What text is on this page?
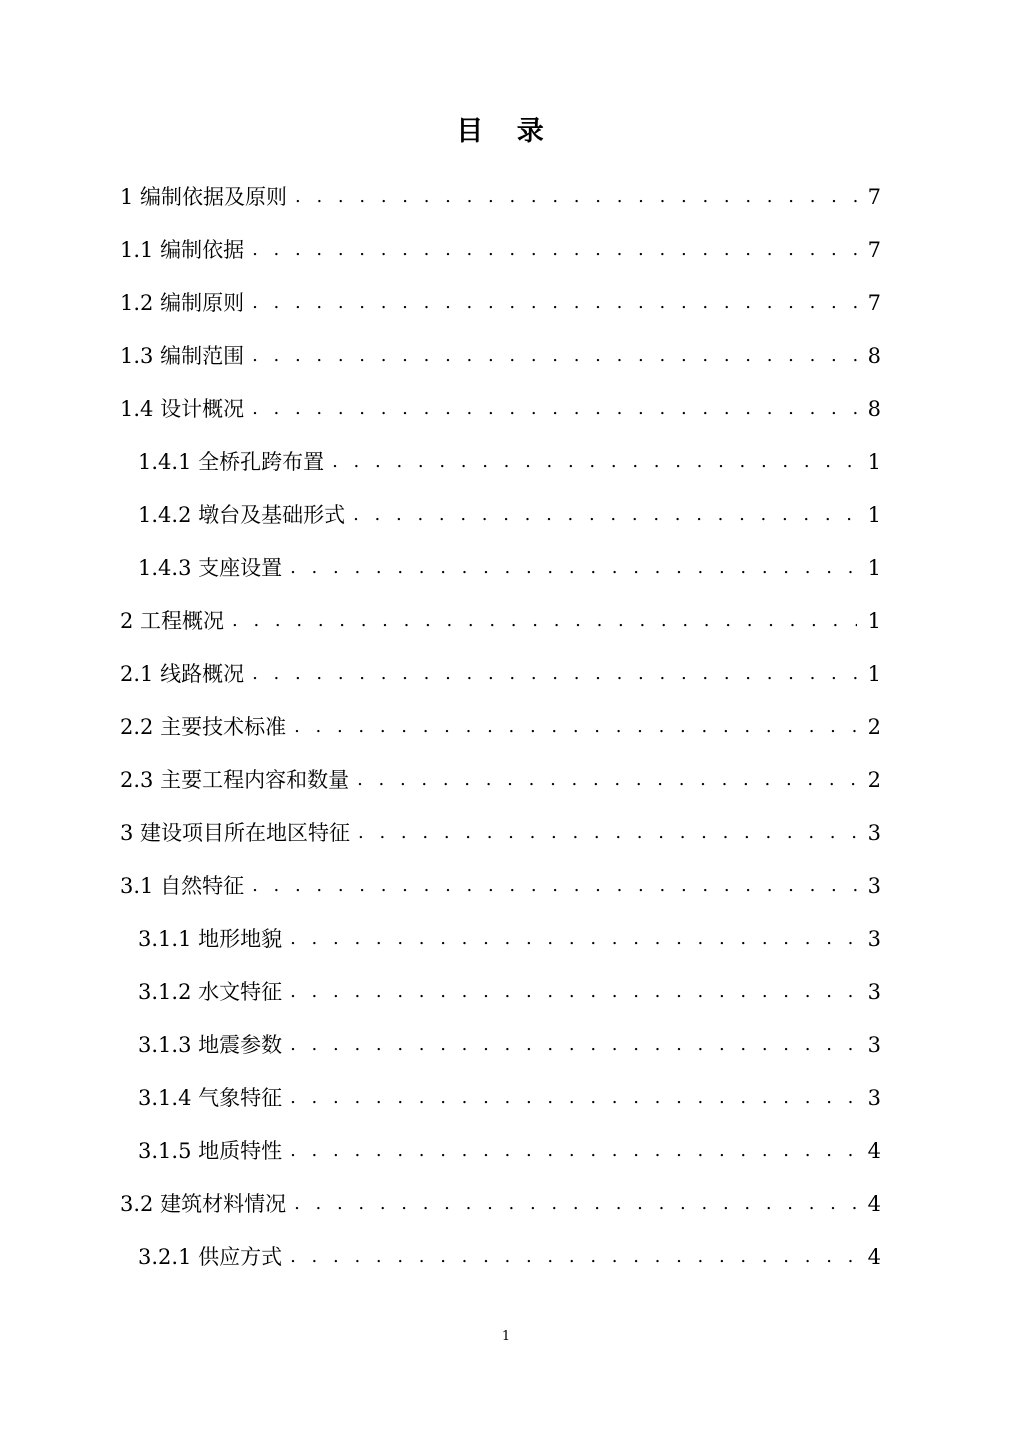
目 录
1 编制依据及原则 . . .	7
1.1 编制依据 . . .	7
1.2 编制原则 . . .	7
1.3 编制范围 . . .	8
1.4 设计概况 . . .	8
1.4.1 全桥孔跨布置 . . .	1
1.4.2 墩台及基础形式 . . .	1
1.4.3 支座设置 . . .	1
2 工程概况 . . .	1
2.1 线路概况 . . .	1
2.2 主要技术标准 . . .	2
2.3 主要工程内容和数量 . . .	2
3 建设项目所在地区特征 . . .	3
3.1 自然特征 . . .	3
3.1.1 地形地貌 . . .	3
3.1.2 水文特征 . . .	3
3.1.3 地震参数 . . .	3
3.1.4 气象特征 . . .	3
3.1.5 地质特性 . . .	4
3.2 建筑材料情况 . . .	4
3.2.1 供应方式 . . .	4
1
